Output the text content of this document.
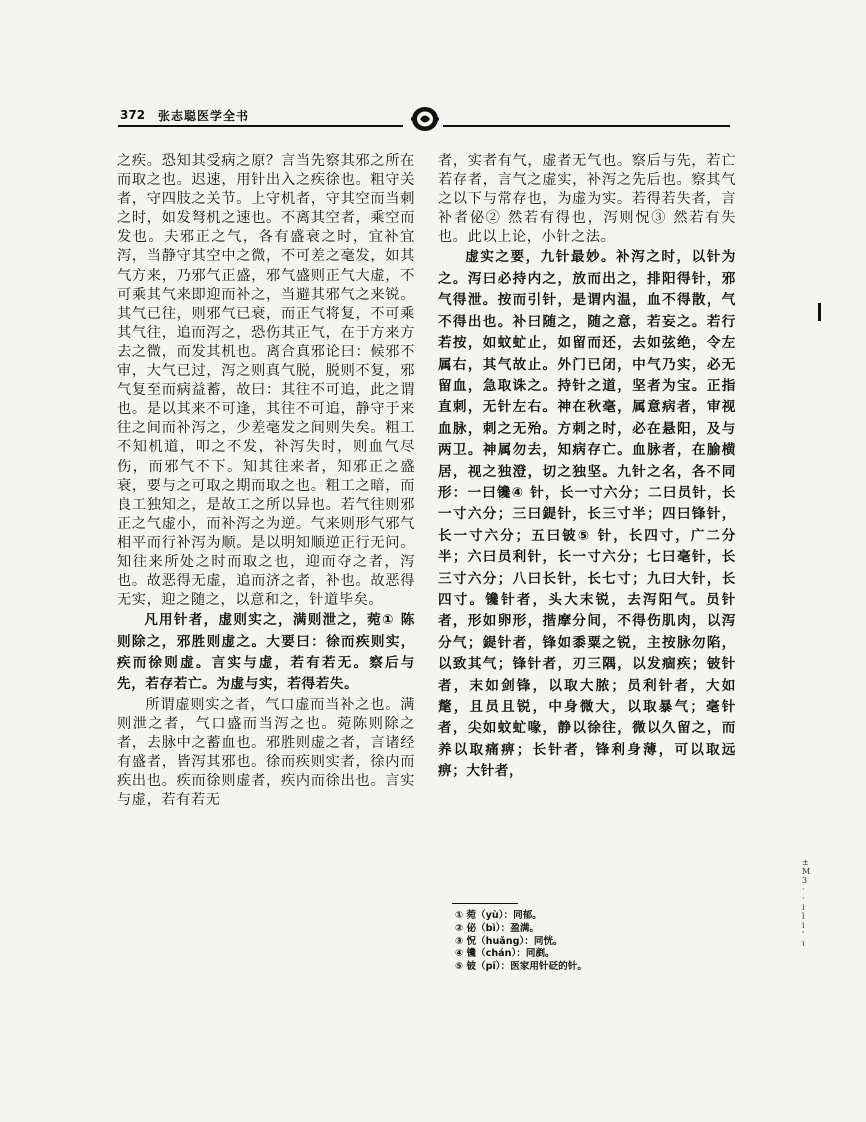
372 张志聪医学全书

之疾。恐知其受病之原？言当先察其邪之所在而取之也。迟速，用针出入之疾徐也。粗守关者，守四肢之关节。上守机者，守其空而当刺之时，如发弩机之速也。不离其空者，乘空而发也。夫邪正之气，各有盛衰之时，宜补宜泻，当静守其空中之微，不可差之毫发，如其气方来，乃邪气正盛，邪气盛则正气大虚，不可乘其气来即迎而补之，当避其邪气之来锐。其气已往，则邪气已衰，而正气将复，不可乘其气往，追而泻之，恐伤其正气，在于方来方去之微，而发其机也。离合真邪论曰：候邪不审，大气已过，泻之则真气脱，脱则不复，邪气复至而病益蓄，故曰：其往不可追，此之谓也。是以其来不可逢，其往不可追，静守于来往之间而补泻之，少差毫发之间则失矣。粗工不知机道，叩之不发，补泻失时，则血气尽伤，而邪气不下。知其往来者，知邪正之盛衰，要与之可取之期而取之也。粗工之暗，而良工独知之，是故工之所以异也。若气往则邪正之气虚小，而补泻之为逆。气来则形气邪气相平而行补泻为顺。是以明知顺逆正行无问。知往来所处之时而取之也，迎而夺之者，泻也。故恶得无虚，追而济之者，补也。故恶得无实，迎之随之，以意和之，针道毕矣。

凡用针者，虚则实之，满则泄之，菀① 陈则除之，邪胜则虚之。大要曰：徐而疾则实，疾而徐则虚。言实与虚，若有若无。察后与先，若存若亡。为虚与实，若得若失。

所谓虚则实之者，气口虚而当补之也。满则泄之者，气口盛而当泻之也。菀陈则除之者，去脉中之蓄血也。邪胜则虚之者，言诸经有盛者，皆泻其邪也。徐而疾则实者，徐内而疾出也。疾而徐则虚者，疾内而徐出也。言实与虚，若有若无

者，实者有气，虚者无气也。察后与先，若亡若存者，言气之虚实，补泻之先后也。察其气之以下与常存也，为虚为实。若得若失者，言补者佖② 然若有得也，泻则怳③ 然若有失也。此以上论，小针之法。

虚实之要，九针最妙。补泻之时，以针为之。泻曰必持内之，放而出之，排阳得针，邪气得泄。按而引针，是谓内温，血不得散，气不得出也。补曰随之，随之意，若妄之。若行若按，如蚊虻止，如留而还，去如弦绝，令左属右，其气故止。外门已闭，中气乃实，必无留血，急取诛之。持针之道，坚者为宝。正指直刺，无针左右。神在秋毫，属意病者，审视血脉，刺之无殆。方刺之时，必在悬阳，及与两卫。神属勿去，知病存亡。血脉者，在腧横居，视之独澄，切之独坚。九针之名，各不同形：一曰镵④ 针，长一寸六分；二曰员针，长一寸六分；三曰鍉针，长三寸半；四曰锋针，长一寸六分；五曰铍⑤ 针，长四寸，广二分半；六曰员利针，长一寸六分；七曰毫针，长三寸六分；八曰长针，长七寸；九曰大针，长四寸。镵针者，头大末锐，去泻阳气。员针者，形如卵形，揩摩分间，不得伤肌肉，以泻分气；鍉针者，锋如黍粟之锐，主按脉勿陷，以致其气；锋针者，刃三隅，以发痼疾；铍针者，末如剑锋，以取大脓；员利针者，大如氂，且员且锐，中身微大，以取暴气；毫针者，尖如蚊虻喙，静以徐往，微以久留之，而养以取痛痹；长针者，锋利身薄，可以取远痹；大针者，

① 菀（yù）：同郁。
② 佖（bì）：盈满。
③ 怳（huǎng）：同恍。
④ 镵（chán）：同剷。
⑤ 铍（pī）：医家用针砭的针。
±
M
3
·
·
i
l
i
'
ι
